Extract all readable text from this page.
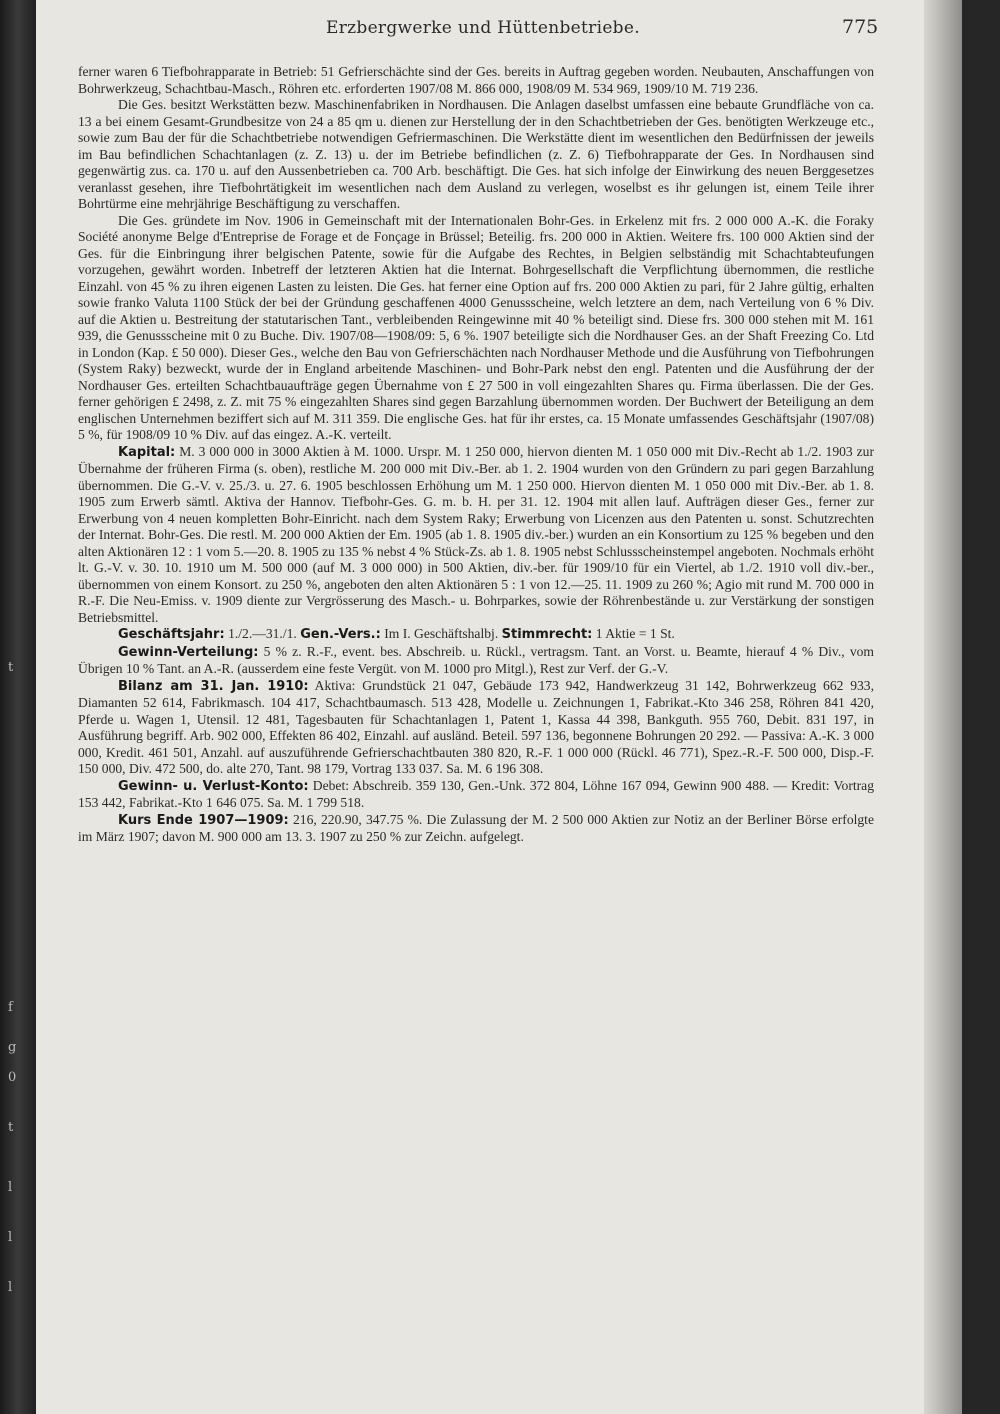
t
f
g
0
t
l
l
l
Erzbergwerke und Hüttenbetriebe.	775

ferner waren 6 Tiefbohrapparate in Betrieb: 51 Gefrierschächte sind der Ges. bereits in Auftrag gegeben worden. Neubauten, Anschaffungen von Bohrwerkzeug, Schachtbau-Masch., Röhren etc. erforderten 1907/08 M. 866 000, 1908/09 M. 534 969, 1909/10 M. 719 236.

Die Ges. besitzt Werkstätten bezw. Maschinenfabriken in Nordhausen. Die Anlagen daselbst umfassen eine bebaute Grundfläche von ca. 13 a bei einem Gesamt-Grundbesitze von 24 a 85 qm u. dienen zur Herstellung der in den Schachtbetrieben der Ges. benötigten Werkzeuge etc., sowie zum Bau der für die Schachtbetriebe notwendigen Gefriermaschinen. Die Werkstätte dient im wesentlichen den Bedürfnissen der jeweils im Bau befindlichen Schachtanlagen (z. Z. 13) u. der im Betriebe befindlichen (z. Z. 6) Tiefbohrapparate der Ges. In Nordhausen sind gegenwärtig zus. ca. 170 u. auf den Aussenbetrieben ca. 700 Arb. beschäftigt. Die Ges. hat sich infolge der Einwirkung des neuen Berggesetzes veranlasst gesehen, ihre Tiefbohrtätigkeit im wesentlichen nach dem Ausland zu verlegen, woselbst es ihr gelungen ist, einem Teile ihrer Bohrtürme eine mehrjährige Beschäftigung zu verschaffen.

Die Ges. gründete im Nov. 1906 in Gemeinschaft mit der Internationalen Bohr-Ges. in Erkelenz mit frs. 2 000 000 A.-K. die Foraky Société anonyme Belge d'Entreprise de Forage et de Fonçage in Brüssel; Beteilig. frs. 200 000 in Aktien. Weitere frs. 100 000 Aktien sind der Ges. für die Einbringung ihrer belgischen Patente, sowie für die Aufgabe des Rechtes, in Belgien selbständig mit Schachtabteufungen vorzugehen, gewährt worden. Inbetreff der letzteren Aktien hat die Internat. Bohrgesellschaft die Verpflichtung übernommen, die restliche Einzahl. von 45 % zu ihren eigenen Lasten zu leisten. Die Ges. hat ferner eine Option auf frs. 200 000 Aktien zu pari, für 2 Jahre gültig, erhalten sowie franko Valuta 1100 Stück der bei der Gründung geschaffenen 4000 Genussscheine, welch letztere an dem, nach Verteilung von 6 % Div. auf die Aktien u. Bestreitung der statutarischen Tant., verbleibenden Reingewinne mit 40 % beteiligt sind. Diese frs. 300 000 stehen mit M. 161 939, die Genussscheine mit 0 zu Buche. Div. 1907/08—1908/09: 5, 6 %. 1907 beteiligte sich die Nordhauser Ges. an der Shaft Freezing Co. Ltd in London (Kap. £ 50 000). Dieser Ges., welche den Bau von Gefrierschächten nach Nordhauser Methode und die Ausführung von Tiefbohrungen (System Raky) bezweckt, wurde der in England arbeitende Maschinen- und Bohr-Park nebst den engl. Patenten und die Ausführung der der Nordhauser Ges. erteilten Schachtbauaufträge gegen Übernahme von £ 27 500 in voll eingezahlten Shares qu. Firma überlassen. Die der Ges. ferner gehörigen £ 2498, z. Z. mit 75 % eingezahlten Shares sind gegen Barzahlung übernommen worden. Der Buchwert der Beteiligung an dem englischen Unternehmen beziffert sich auf M. 311 359. Die englische Ges. hat für ihr erstes, ca. 15 Monate umfassendes Geschäftsjahr (1907/08) 5 %, für 1908/09 10 % Div. auf das eingez. A.-K. verteilt.

Kapital: M. 3 000 000 in 3000 Aktien à M. 1000. Urspr. M. 1 250 000, hiervon dienten M. 1 050 000 mit Div.-Recht ab 1./2. 1903 zur Übernahme der früheren Firma (s. oben), restliche M. 200 000 mit Div.-Ber. ab 1. 2. 1904 wurden von den Gründern zu pari gegen Barzahlung übernommen. Die G.-V. v. 25./3. u. 27. 6. 1905 beschlossen Erhöhung um M. 1 250 000. Hiervon dienten M. 1 050 000 mit Div.-Ber. ab 1. 8. 1905 zum Erwerb sämtl. Aktiva der Hannov. Tiefbohr-Ges. G. m. b. H. per 31. 12. 1904 mit allen lauf. Aufträgen dieser Ges., ferner zur Erwerbung von 4 neuen kompletten Bohr-Einricht. nach dem System Raky; Erwerbung von Licenzen aus den Patenten u. sonst. Schutzrechten der Internat. Bohr-Ges. Die restl. M. 200 000 Aktien der Em. 1905 (ab 1. 8. 1905 div.-ber.) wurden an ein Konsortium zu 125 % begeben und den alten Aktionären 12 : 1 vom 5.—20. 8. 1905 zu 135 % nebst 4 % Stück-Zs. ab 1. 8. 1905 nebst Schlussscheinstempel angeboten. Nochmals erhöht lt. G.-V. v. 30. 10. 1910 um M. 500 000 (auf M. 3 000 000) in 500 Aktien, div.-ber. für 1909/10 für ein Viertel, ab 1./2. 1910 voll div.-ber., übernommen von einem Konsort. zu 250 %, angeboten den alten Aktionären 5 : 1 von 12.—25. 11. 1909 zu 260 %; Agio mit rund M. 700 000 in R.-F. Die Neu-Emiss. v. 1909 diente zur Vergrösserung des Masch.- u. Bohrparkes, sowie der Röhrenbestände u. zur Verstärkung der sonstigen Betriebsmittel.

Geschäftsjahr: 1./2.—31./1. Gen.-Vers.: Im I. Geschäftshalbj. Stimmrecht: 1 Aktie = 1 St.

Gewinn-Verteilung: 5 % z. R.-F., event. bes. Abschreib. u. Rückl., vertragsm. Tant. an Vorst. u. Beamte, hierauf 4 % Div., vom Übrigen 10 % Tant. an A.-R. (ausserdem eine feste Vergüt. von M. 1000 pro Mitgl.), Rest zur Verf. der G.-V.

Bilanz am 31. Jan. 1910: Aktiva: Grundstück 21 047, Gebäude 173 942, Handwerkzeug 31 142, Bohrwerkzeug 662 933, Diamanten 52 614, Fabrikmasch. 104 417, Schachtbaumasch. 513 428, Modelle u. Zeichnungen 1, Fabrikat.-Kto 346 258, Röhren 841 420, Pferde u. Wagen 1, Utensil. 12 481, Tagesbauten für Schachtanlagen 1, Patent 1, Kassa 44 398, Bankguth. 955 760, Debit. 831 197, in Ausführung begriff. Arb. 902 000, Effekten 86 402, Einzahl. auf ausländ. Beteil. 597 136, begonnene Bohrungen 20 292. — Passiva: A.-K. 3 000 000, Kredit. 461 501, Anzahl. auf auszuführende Gefrierschachtbauten 380 820, R.-F. 1 000 000 (Rückl. 46 771), Spez.-R.-F. 500 000, Disp.-F. 150 000, Div. 472 500, do. alte 270, Tant. 98 179, Vortrag 133 037. Sa. M. 6 196 308.

Gewinn- u. Verlust-Konto: Debet: Abschreib. 359 130, Gen.-Unk. 372 804, Löhne 167 094, Gewinn 900 488. — Kredit: Vortrag 153 442, Fabrikat.-Kto 1 646 075. Sa. M. 1 799 518.

Kurs Ende 1907—1909: 216, 220.90, 347.75 %. Die Zulassung der M. 2 500 000 Aktien zur Notiz an der Berliner Börse erfolgte im März 1907; davon M. 900 000 am 13. 3. 1907 zu 250 % zur Zeichn. aufgelegt.
